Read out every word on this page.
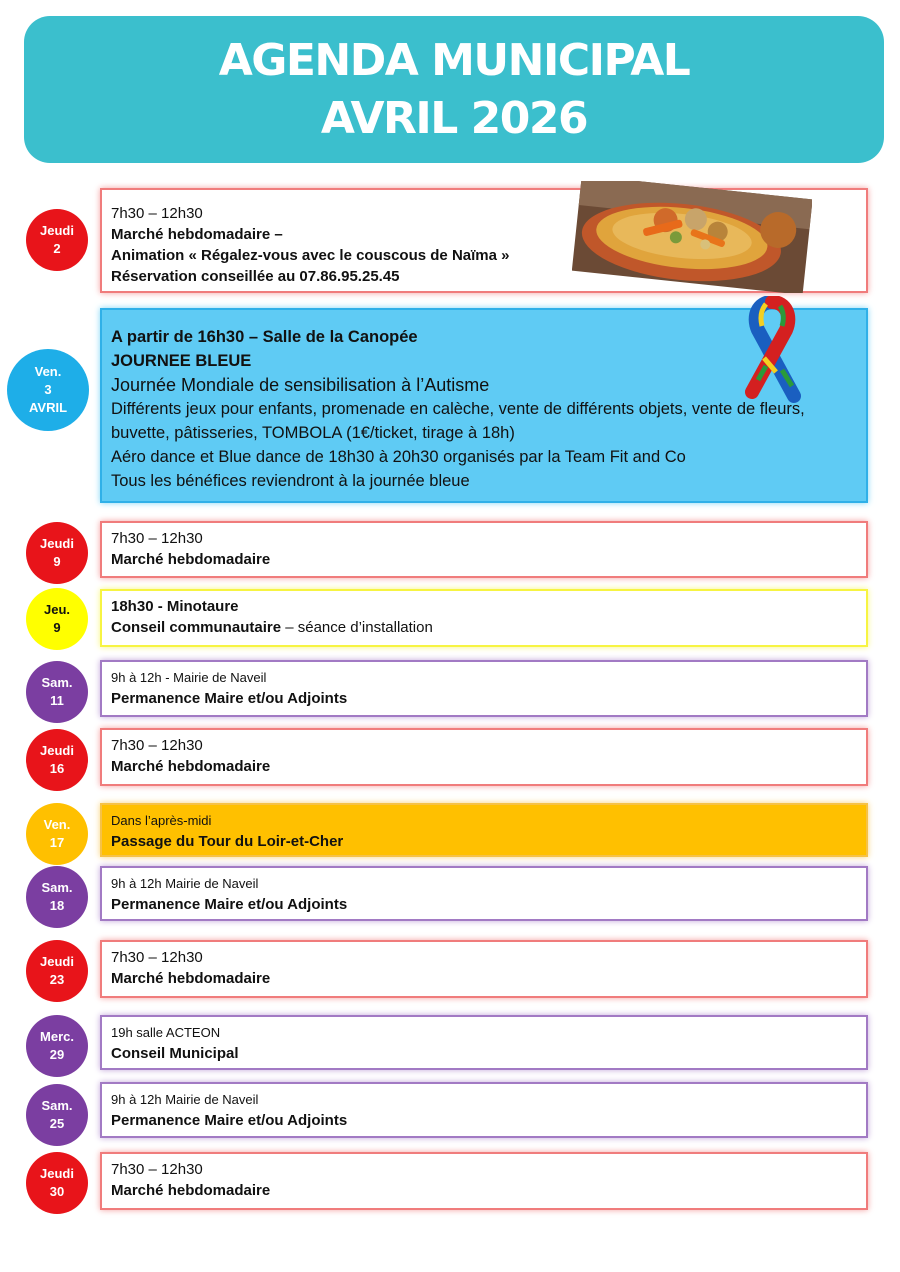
AGENDA MUNICIPAL
AVRIL 2026
Jeudi
2
7h30 – 12h30
Marché hebdomadaire –
Animation « Régalez-vous avec le couscous de Naïma »
Réservation conseillée au 07.86.95.25.45
Ven.
3
AVRIL
A partir de 16h30 – Salle de la Canopée
JOURNEE BLEUE
Journée Mondiale de sensibilisation à l’Autisme
Différents jeux pour enfants, promenade en calèche, vente de différents objets, vente de fleurs, buvette, pâtisseries, TOMBOLA (1€/ticket, tirage à 18h)
Aéro dance et Blue dance de 18h30 à 20h30 organisés par la Team Fit and Co
Tous les bénéfices reviendront à la journée bleue
Jeudi
9
7h30 – 12h30
Marché hebdomadaire
Jeu.
9
18h30 - Minotaure
Conseil communautaire – séance d’installation
Sam.
11
9h à 12h - Mairie de Naveil
Permanence Maire et/ou Adjoints
Jeudi
16
7h30 – 12h30
Marché hebdomadaire
Ven.
17
Dans l’après-midi
Passage du Tour du Loir-et-Cher
Sam.
18
9h à 12h Mairie de Naveil
Permanence Maire et/ou Adjoints
Jeudi
23
7h30 – 12h30
Marché hebdomadaire
Merc.
29
19h salle ACTEON
Conseil Municipal
Sam.
25
9h à 12h Mairie de Naveil
Permanence Maire et/ou Adjoints
Jeudi
30
7h30 – 12h30
Marché hebdomadaire
